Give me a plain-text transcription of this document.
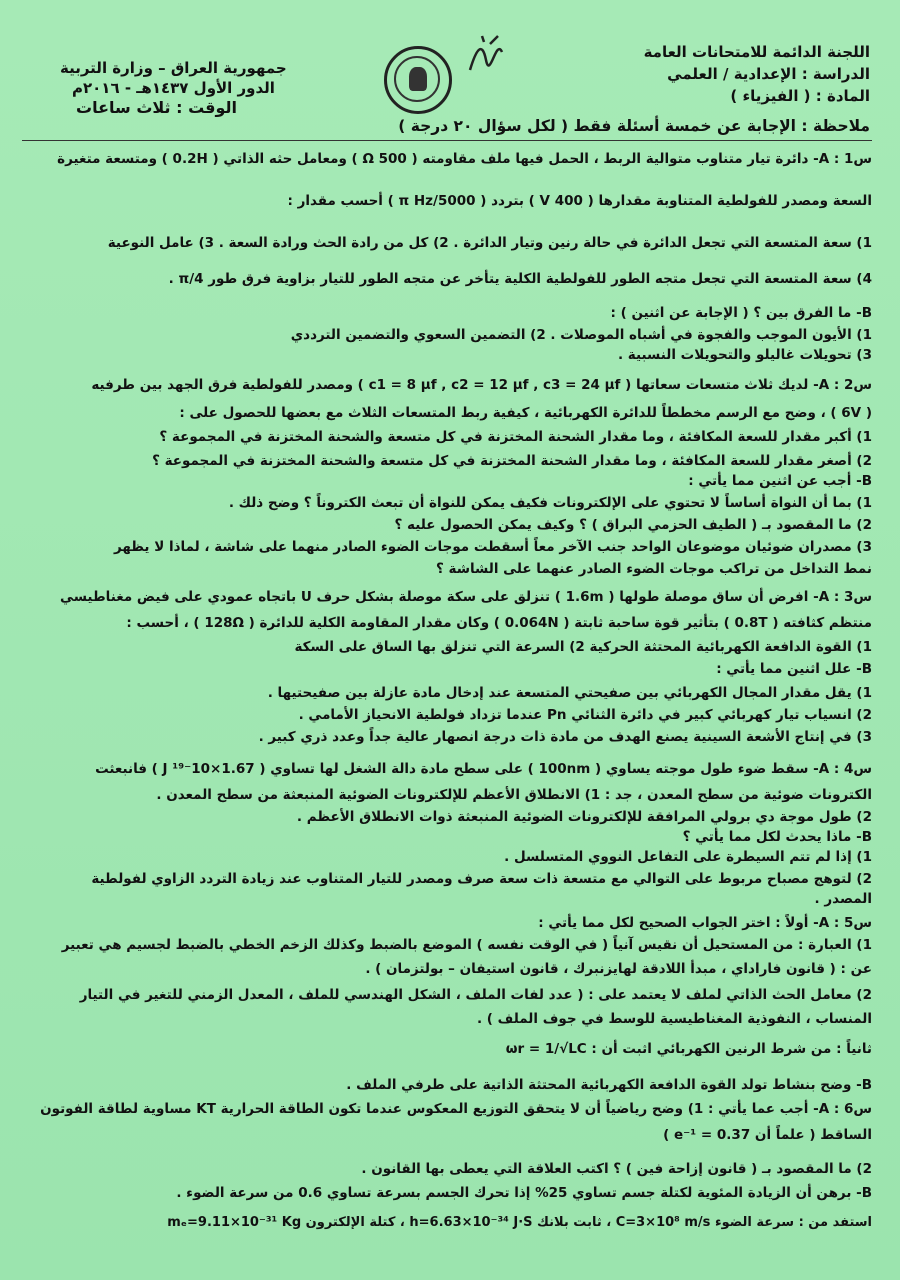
جمهورية العراق – وزارة التربية
الدور الأول ١٤٣٧هـ - ٢٠١٦م
الوقت : ثلاث ساعات
اللجنة الدائمة للامتحانات العامة
الدراسة : الإعدادية / العلمي
المادة : ( الفيزياء )
ملاحظة : الإجابة عن خمسة أسئلة فقط ( لكل سؤال ٢٠ درجة )
س1 : A- دائرة تيار متناوب متوالية الربط ، الحمل فيها ملف مقاومته ( 500 Ω ) ومعامل حثه الذاتي ( 0.2H ) ومتسعة متغيرة
السعة ومصدر للفولطية المتناوبة مقدارها ( 400 V ) بتردد ( 5000/π Hz ) أحسب مقدار :
1) سعة المتسعة التي تجعل الدائرة في حالة رنين وتيار الدائرة . 2) كل من رادة الحث ورادة السعة . 3) عامل النوعية
4) سعة المتسعة التي تجعل متجه الطور للفولطية الكلية يتأخر عن متجه الطور للتيار بزاوية فرق طور π/4 .
B- ما الفرق بين ؟ ( الإجابة عن اثنين ) :
1) الأيون الموجب والفجوة في أشباه الموصلات . 2) التضمين السعوي والتضمين الترددي
3) تحويلات غاليلو والتحويلات النسبية .
س2 : A- لديك ثلاث متسعات سعاتها ( c1 = 8 μf , c2 = 12 μf , c3 = 24 μf ) ومصدر للفولطية فرق الجهد بين طرفيه
( 6V ) ، وضح مع الرسم مخططاً للدائرة الكهربائية ، كيفية ربط المتسعات الثلاث مع بعضها للحصول على :
1) أكبر مقدار للسعة المكافئة ، وما مقدار الشحنة المختزنة في كل متسعة والشحنة المختزنة في المجموعة ؟
2) أصغر مقدار للسعة المكافئة ، وما مقدار الشحنة المختزنة في كل متسعة والشحنة المختزنة في المجموعة ؟
B- أجب عن اثنين مما يأتي :
1) بما أن النواة أساساً لا تحتوي على الإلكترونات فكيف يمكن للنواة أن تبعث الكتروناً ؟ وضح ذلك .
2) ما المقصود بـ ( الطيف الحزمي البراق ) ؟ وكيف يمكن الحصول عليه ؟
3) مصدران ضوئيان موضوعان الواحد جنب الآخر معاً أسقطت موجات الضوء الصادر منهما على شاشة ، لماذا لا يظهر
نمط التداخل من تراكب موجات الضوء الصادر عنهما على الشاشة ؟
س3 : A- افرض أن ساق موصلة طولها ( 1.6m ) تنزلق على سكة موصلة بشكل حرف U باتجاه عمودي على فيض مغناطيسي
منتظم كثافته ( 0.8T ) بتأثير قوة ساحبة ثابتة ( 0.064N ) وكان مقدار المقاومة الكلية للدائرة ( 128Ω ) ، أحسب :
1) القوة الدافعة الكهربائية المحتثة الحركية 2) السرعة التي تنزلق بها الساق على السكة
B- علل اثنين مما يأتي :
1) يقل مقدار المجال الكهربائي بين صفيحتي المتسعة عند إدخال مادة عازلة بين صفيحتيها .
2) انسياب تيار كهربائي كبير في دائرة الثنائي Pn عندما تزداد فولطية الانحياز الأمامي .
3) في إنتاج الأشعة السينية يصنع الهدف من مادة ذات درجة انصهار عالية جداً وعدد ذري كبير .
س4 : A- سقط ضوء طول موجته يساوي ( 100nm ) على سطح مادة دالة الشغل لها تساوي ( 1.67×10⁻¹⁹ J ) فانبعثت
الكترونات ضوئية من سطح المعدن ، جد : 1) الانطلاق الأعظم للإلكترونات الضوئية المنبعثة من سطح المعدن .
2) طول موجة دي برولي المرافقة للإلكترونات الضوئية المنبعثة ذوات الانطلاق الأعظم .
B- ماذا يحدث لكل مما يأتي ؟
1) إذا لم تتم السيطرة على التفاعل النووي المتسلسل .
2) لتوهج مصباح مربوط على التوالي مع متسعة ذات سعة صرف ومصدر للتيار المتناوب عند زيادة التردد الزاوي لفولطية
المصدر .
س5 : A- أولاً : اختر الجواب الصحيح لكل مما يأتي :
1) العبارة : من المستحيل أن نقيس آنياً ( في الوقت نفسه ) الموضع بالضبط وكذلك الزخم الخطي بالضبط لجسيم هي تعبير
عن : ( قانون فاراداي ، مبدأ اللادقة لهايزنبرك ، قانون استيفان – بولتزمان ) .
2) معامل الحث الذاتي لملف لا يعتمد على : ( عدد لفات الملف ، الشكل الهندسي للملف ، المعدل الزمني للتغير في التيار
المنساب ، النفوذية المغناطيسية للوسط في جوف الملف ) .
ثانياً : من شرط الرنين الكهربائي اثبت أن : ωr = 1/√LC
B- وضح بنشاط تولد القوة الدافعة الكهربائية المحتثة الذاتية على طرفي الملف .
س6 : A- أجب عما يأتي : 1) وضح رياضياً أن لا يتحقق التوزيع المعكوس عندما تكون الطاقة الحرارية KT مساوية لطاقة الفوتون
الساقط ( علماً أن e⁻¹ = 0.37 )
2) ما المقصود بـ ( قانون إزاحة فين ) ؟ اكتب العلاقة التي يعطى بها القانون .
B- برهن أن الزيادة المئوية لكتلة جسم تساوي 25% إذا تحرك الجسم بسرعة تساوي 0.6 من سرعة الضوء .
استفد من : سرعة الضوء C=3×10⁸ m/s ، ثابت بلانك h=6.63×10⁻³⁴ J·S ، كتلة الإلكترون mₑ=9.11×10⁻³¹ Kg
